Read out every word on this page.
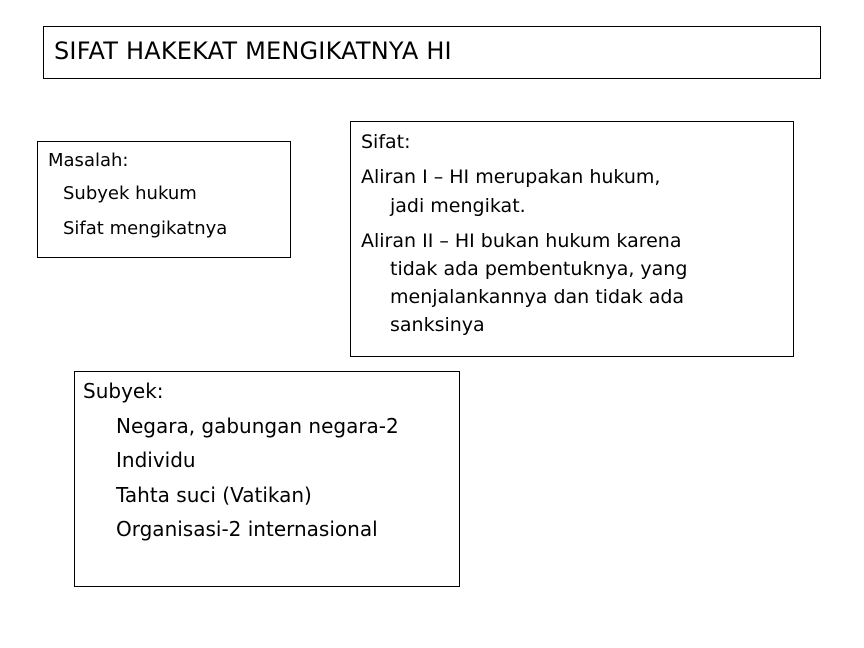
SIFAT HAKEKAT MENGIKATNYA HI
Masalah:
Subyek hukum
Sifat mengikatnya
Sifat:
Aliran I – HI merupakan hukum,
jadi mengikat.
Aliran II – HI bukan hukum karena
tidak ada pembentuknya, yang
menjalankannya dan tidak ada
sanksinya
Subyek:
Negara, gabungan negara-2
Individu
Tahta suci (Vatikan)
Organisasi-2 internasional
